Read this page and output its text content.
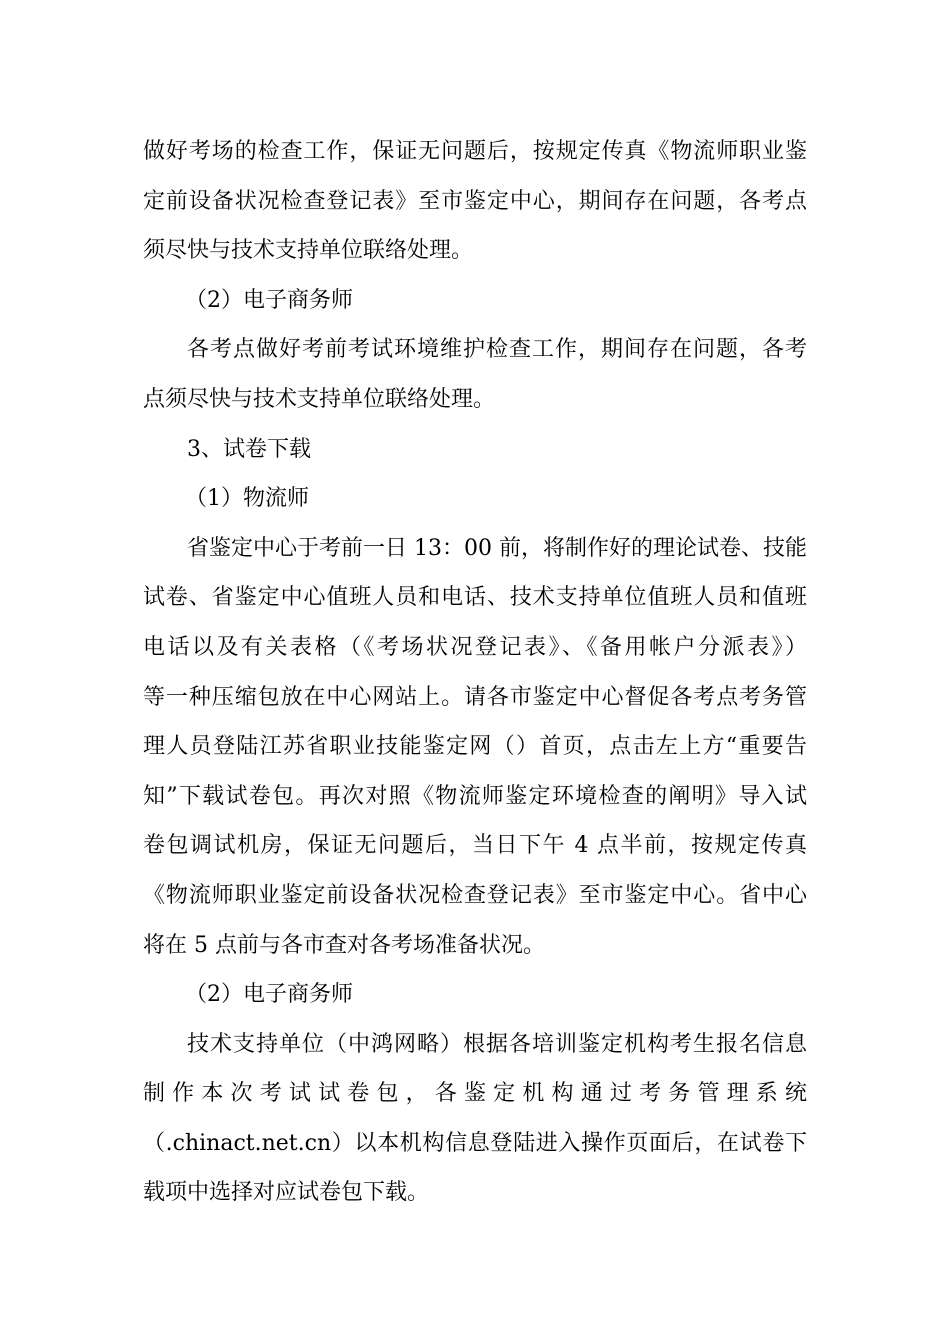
做好考场的检查工作，保证无问题后，按规定传真《物流师职业鉴
定前设备状况检查登记表》至市鉴定中心，期间存在问题，各考点
须尽快与技术支持单位联络处理。
（2）电子商务师
各考点做好考前考试环境维护检查工作，期间存在问题，各考
点须尽快与技术支持单位联络处理。
3、试卷下载
（1）物流师
省鉴定中心于考前一日 13：00 前，将制作好的理论试卷、技能
试卷、省鉴定中心值班人员和电话、技术支持单位值班人员和值班
电话以及有关表格（《考场状况登记表》、《备用帐户分派表》）
等一种压缩包放在中心网站上。请各市鉴定中心督促各考点考务管
理人员登陆江苏省职业技能鉴定网（）首页，点击左上方“重要告
知”下载试卷包。再次对照《物流师鉴定环境检查的阐明》导入试
卷包调试机房，保证无问题后，当日下午 4 点半前，按规定传真
《物流师职业鉴定前设备状况检查登记表》至市鉴定中心。省中心
将在 5 点前与各市查对各考场准备状况。
（2）电子商务师
技术支持单位（中鸿网略）根据各培训鉴定机构考生报名信息
制 作 本 次 考 试 试 卷 包 ， 各 鉴 定 机 构 通 过 考 务 管 理 系 统
（.chinact.net.cn）以本机构信息登陆进入操作页面后，在试卷下
载项中选择对应试卷包下载。
